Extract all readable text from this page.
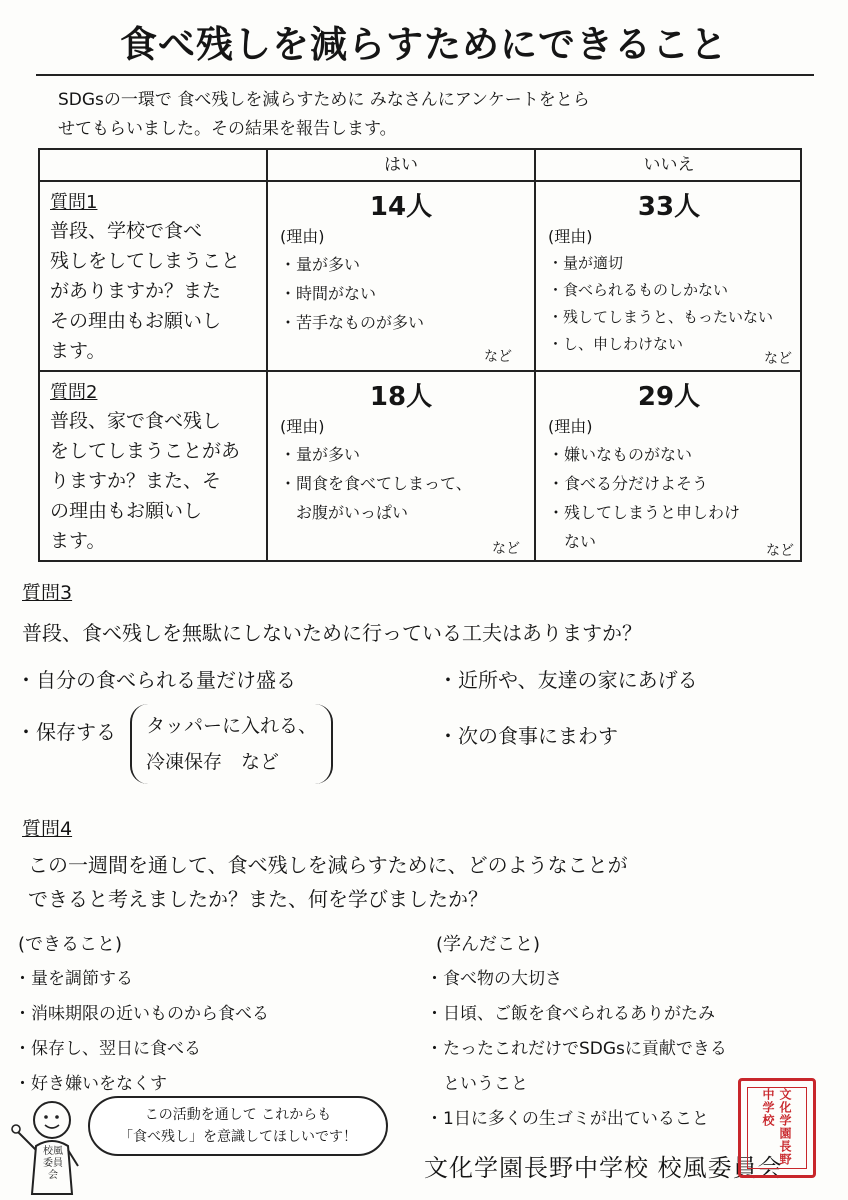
食べ残しを減らすためにできること
SDGsの一環で 食べ残しを減らすために みなさんにアンケートをとら
せてもらいました。その結果を報告します。
はい	いいえ
質問1
普段、学校で食べ
残しをしてしまうこと
がありますか？また
その理由もお願いし
ます。
14人
(理由)
・ 量が多い
・ 時間がない
・ 苦手なものが多い
など
33人
(理由)
・ 量が適切
・ 食べられるものしかない
・ 残してしまうと、もったいない
・ し、申しわけない
など
質問2
普段、家で食べ残し
をしてしまうことがあ
りますか？また、そ
の理由もお願いし
ます。
18人
(理由)
・ 量が多い
・ 間食を食べてしまって、
お腹がいっぱい
など
29人
(理由)
・ 嫌いなものがない
・ 食べる分だけよそう
・ 残してしまうと申しわけ
ない	など
質問3
普段、食べ残しを無駄にしないために行っている工夫はありますか？
・ 自分の食べられる量だけ盛る
・	近所や、友達の家にあげる
・ 保存する タッパーに入れる、
冷凍保存　など
・ 次の食事にまわす
質問4
この一週間を通して、食べ残しを減らすために、どのようなことが
できると考えましたか？また、何を学びましたか？
(できること)
・ 量を調節する
・ 消味期限の近いものから食べる
・ 保存し、翌日に食べる
・ 好き嫌いをなくす
(学んだこと)
・ 食べ物の大切さ
・ 日頃、ご飯を食べられるありがたみ
・ たったこれだけでSDGsに貢献できる
ということ
・ 1日に多くの生ゴミが出ていること
校風委員会
この活動を通して これからも
「食べ残し」を意識してほしいです！
文化学園長野中学校 校風委員会
文化学園長野中学校
